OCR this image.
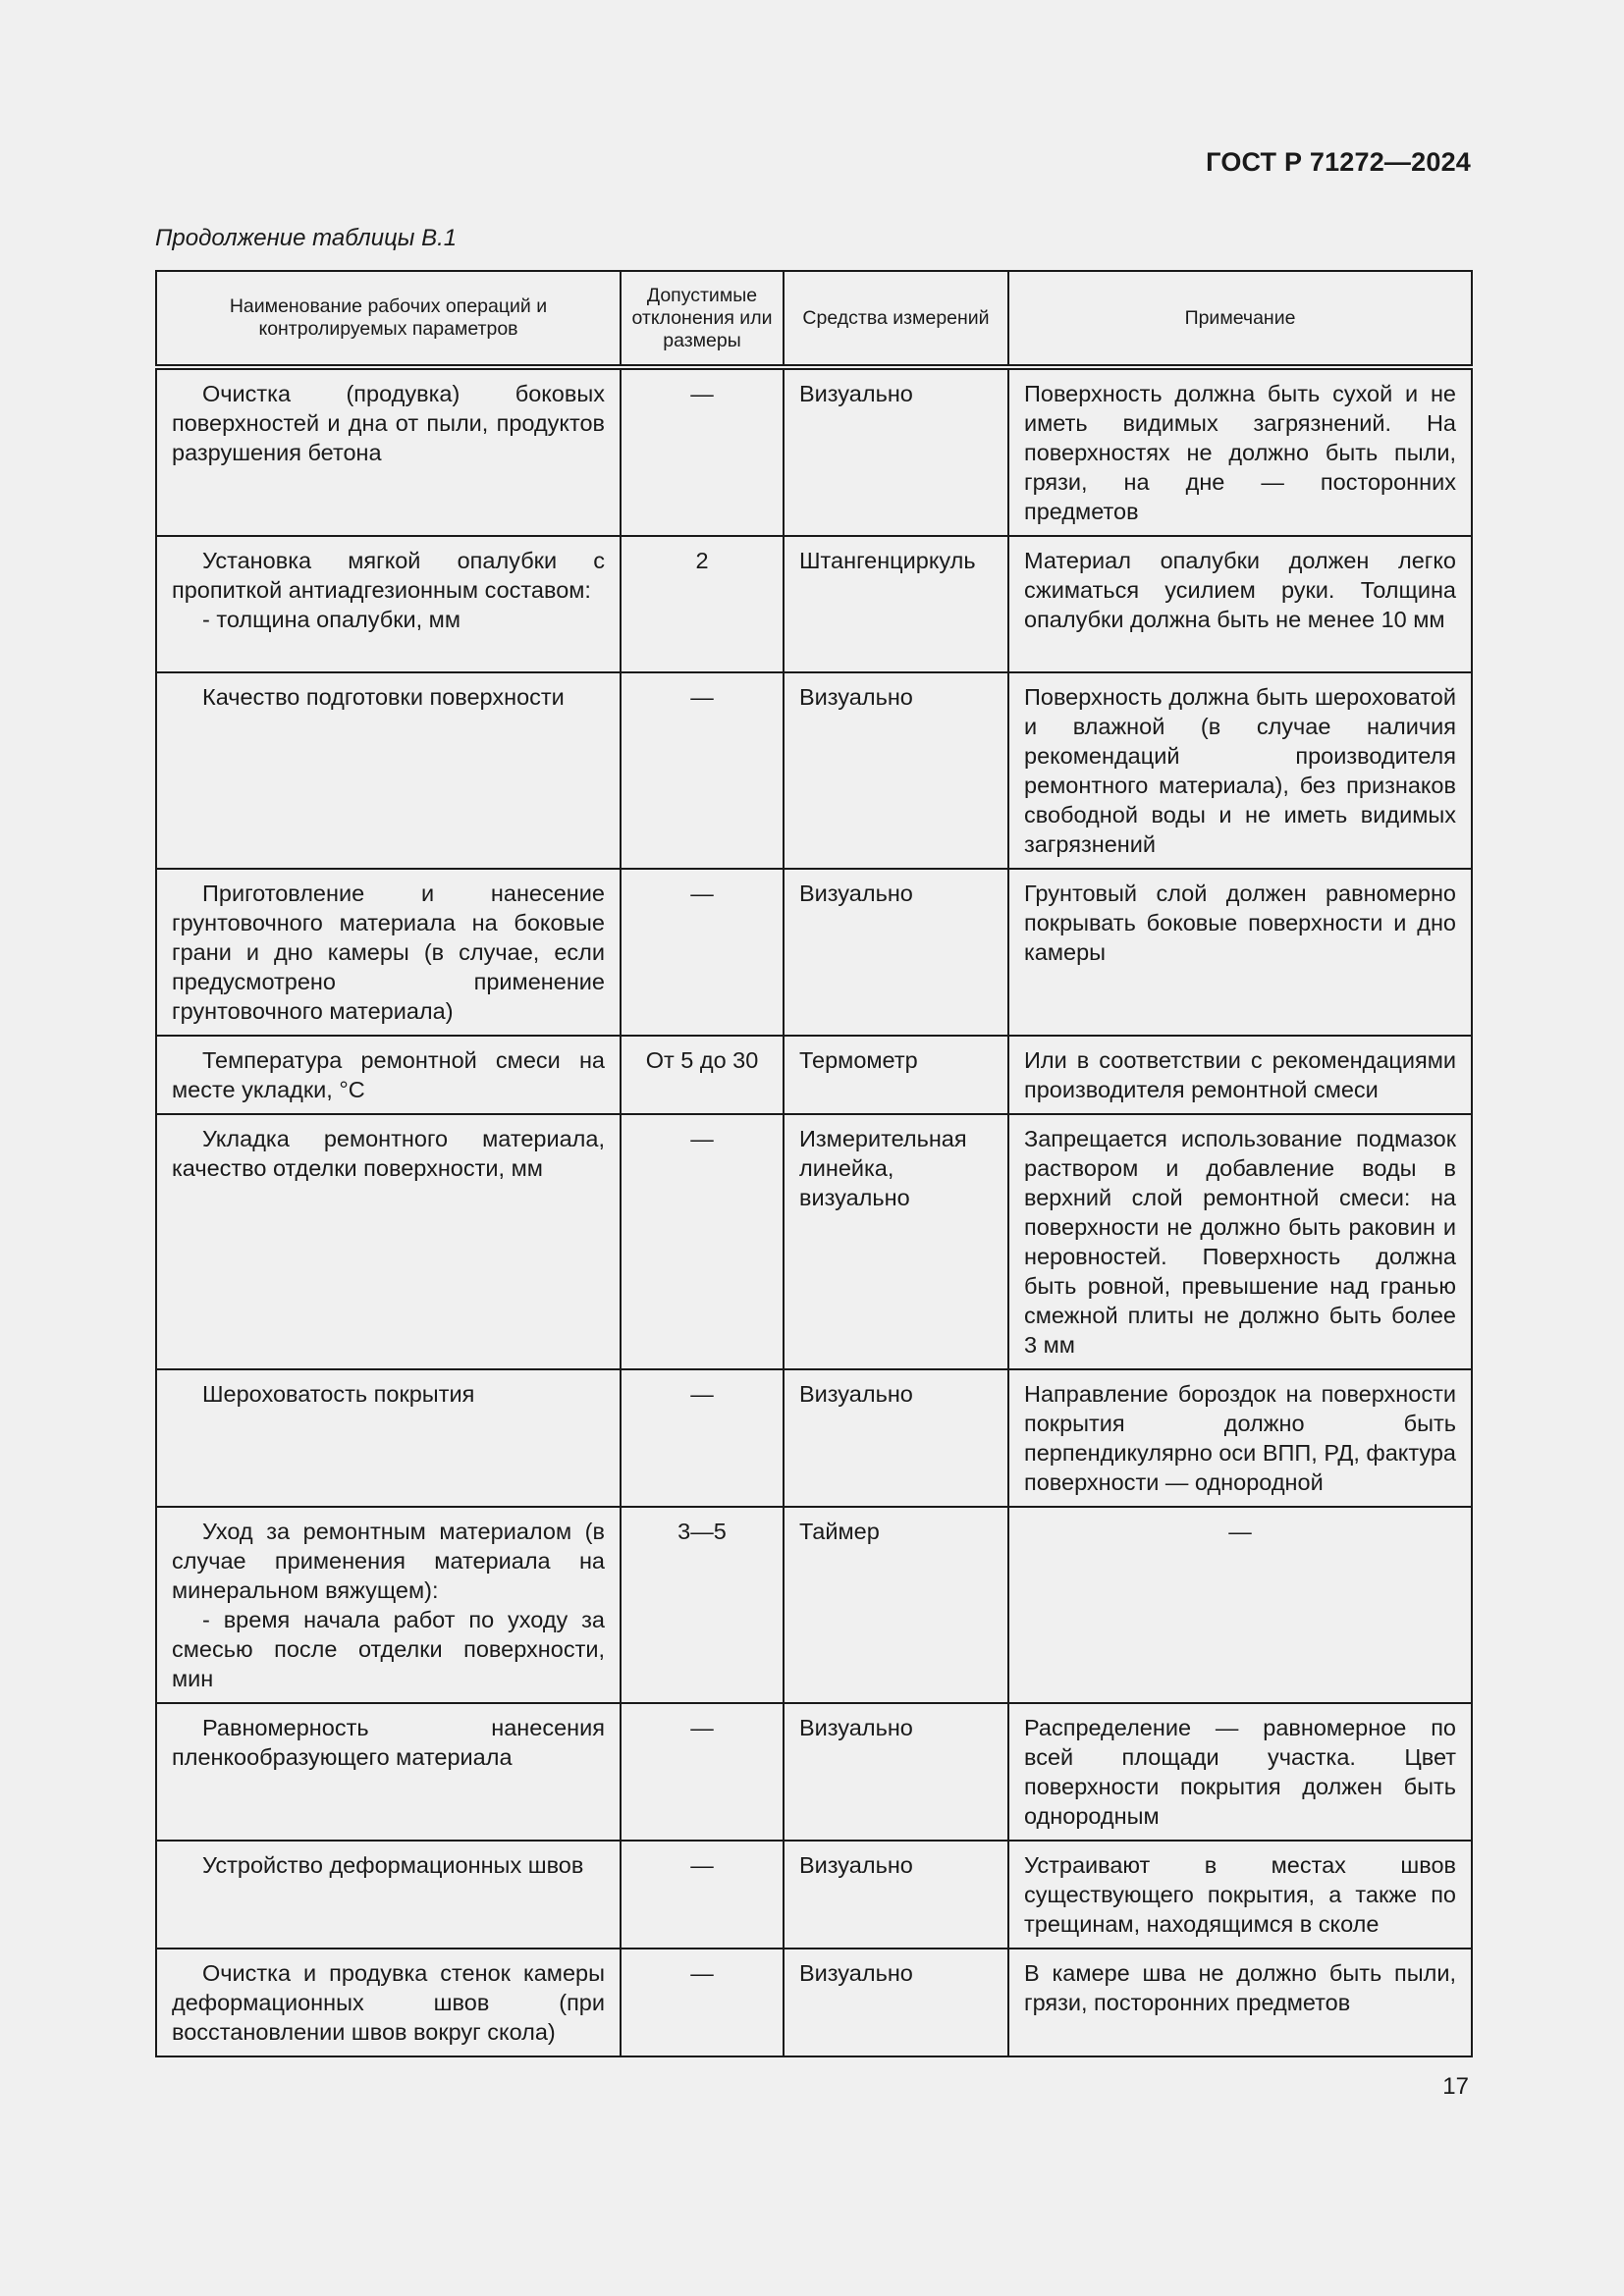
ГОСТ Р 71272—2024
Продолжение таблицы В.1
Наименование рабочих операций и контролируемых параметров	Допустимые отклонения или размеры	Средства измерений	Примечание

Очистка (продувка) боковых поверхностей и дна от пыли, продуктов разрушения бетона	—	Визуально	Поверхность должна быть сухой и не иметь видимых загрязнений. На поверхностях не должно быть пыли, грязи, на дне — посторонних предметов

Установка мягкой опалубки с пропиткой антиадгезионным составом:
- толщина опалубки, мм	2	Штангенциркуль	Материал опалубки должен легко сжиматься усилием руки. Толщина опалубки должна быть не менее 10 мм

Качество подготовки поверхности	—	Визуально	Поверхность должна быть шероховатой и влажной (в случае наличия рекомендаций производителя ремонтного материала), без признаков свободной воды и не иметь видимых загрязнений

Приготовление и нанесение грунтовочного материала на боковые грани и дно камеры (в случае, если предусмотрено применение грунтовочного материала)	—	Визуально	Грунтовый слой должен равномерно покрывать боковые поверхности и дно камеры

Температура ремонтной смеси на месте укладки, °С	От 5 до 30	Термометр	Или в соответствии с рекомендациями производителя ремонтной смеси

Укладка ремонтного материала, качество отделки поверхности, мм	—	Измерительная линейка, визуально	Запрещается использование подмазок раствором и добавление воды в верхний слой ремонтной смеси: на поверхности не должно быть раковин и неровностей. Поверхность должна быть ровной, превышение над гранью смежной плиты не должно быть более 3 мм

Шероховатость покрытия	—	Визуально	Направление бороздок на поверхности покрытия должно быть перпендикулярно оси ВПП, РД, фактура поверхности — однородной

Уход за ремонтным материалом (в случае применения материала на минеральном вяжущем):
- время начала работ по уходу за смесью после отделки поверхности, мин	3—5	Таймер	—

Равномерность нанесения пленкообразующего материала	—	Визуально	Распределение — равномерное по всей площади участка. Цвет поверхности покрытия должен быть однородным

Устройство деформационных швов	—	Визуально	Устраивают в местах швов существующего покрытия, а также по трещинам, находящимся в сколе

Очистка и продувка стенок камеры деформационных швов (при восстановлении швов вокруг скола)	—	Визуально	В камере шва не должно быть пыли, грязи, посторонних предметов
17
